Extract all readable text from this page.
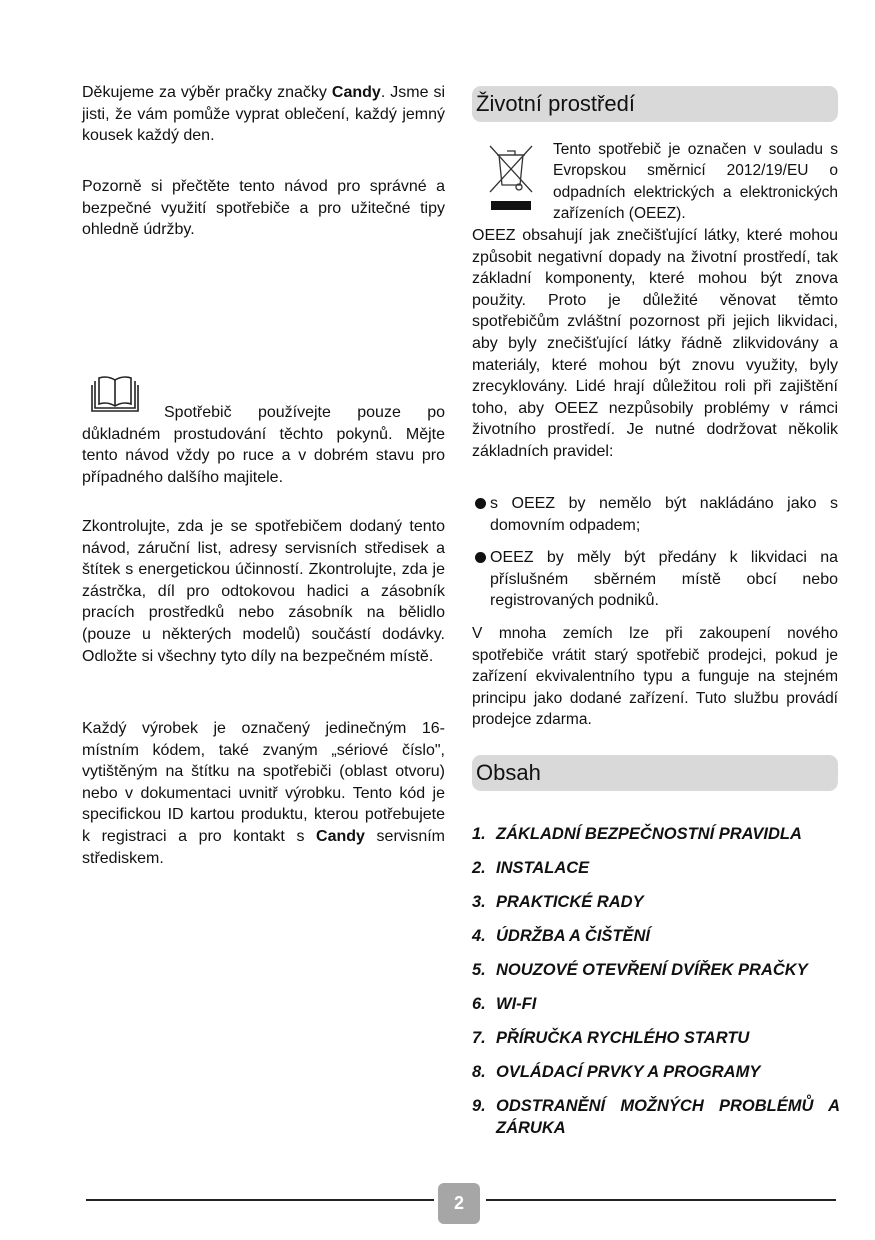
Děkujeme za výběr pračky značky Candy. Jsme si jisti, že vám pomůže vyprat oblečení, každý jemný kousek každý den.

Pozorně si přečtěte tento návod pro správné a bezpečné využití spotřebiče a pro užitečné tipy ohledně údržby.

Spotřebič používejte pouze po důkladném prostudování těchto pokynů. Mějte tento návod vždy po ruce a v dobrém stavu pro případného dalšího majitele.

Zkontrolujte, zda je se spotřebičem dodaný tento návod, záruční list, adresy servisních středisek a štítek s energetickou účinností. Zkontrolujte, zda je zástrčka, díl pro odtokovou hadici a zásobník pracích prostředků nebo zásobník na bělidlo (pouze u některých modelů) součástí dodávky. Odložte si všechny tyto díly na bezpečném místě.

Každý výrobek je označený jedinečným 16-místním kódem, také zvaným „sériové číslo", vytištěným na štítku na spotřebiči (oblast otvoru) nebo v dokumentaci uvnitř výrobku. Tento kód je specifickou ID kartou produktu, kterou potřebujete k registraci a pro kontakt s Candy servisním střediskem.

Životní prostředí

Tento spotřebič je označen v souladu s Evropskou směrnicí 2012/19/EU o odpadních elektrických a elektronických zařízeních (OEEZ).

OEEZ obsahují jak znečišťující látky, které mohou způsobit negativní dopady na životní prostředí, tak základní komponenty, které mohou být znova použity. Proto je důležité věnovat těmto spotřebičům zvláštní pozornost při jejich likvidaci, aby byly znečišťující látky řádně zlikvidovány a materiály, které mohou být znovu využity, byly zrecyklovány. Lidé hrají důležitou roli při zajištění toho, aby OEEZ nezpůsobily problémy v rámci životního prostředí. Je nutné dodržovat několik základních pravidel:

s OEEZ by nemělo být nakládáno jako s domovním odpadem;
OEEZ by měly být předány k likvidaci na příslušném sběrném místě obcí nebo registrovaných podniků.

V mnoha zemích lze při zakoupení nového spotřebiče vrátit starý spotřebič prodejci, pokud je zařízení ekvivalentního typu a funguje na stejném principu jako dodané zařízení. Tuto službu provádí prodejce zdarma.

Obsah
1. ZÁKLADNÍ BEZPEČNOSTNÍ PRAVIDLA
2. INSTALACE
3. PRAKTICKÉ RADY
4. ÚDRŽBA A ČIŠTĚNÍ
5. NOUZOVÉ OTEVŘENÍ DVÍŘEK PRAČKY
6. WI-FI
7. PŘÍRUČKA RYCHLÉHO STARTU
8. OVLÁDACÍ PRVKY A PROGRAMY
9. ODSTRANĚNÍ MOŽNÝCH PROBLÉMŮ A ZÁRUKA
2
